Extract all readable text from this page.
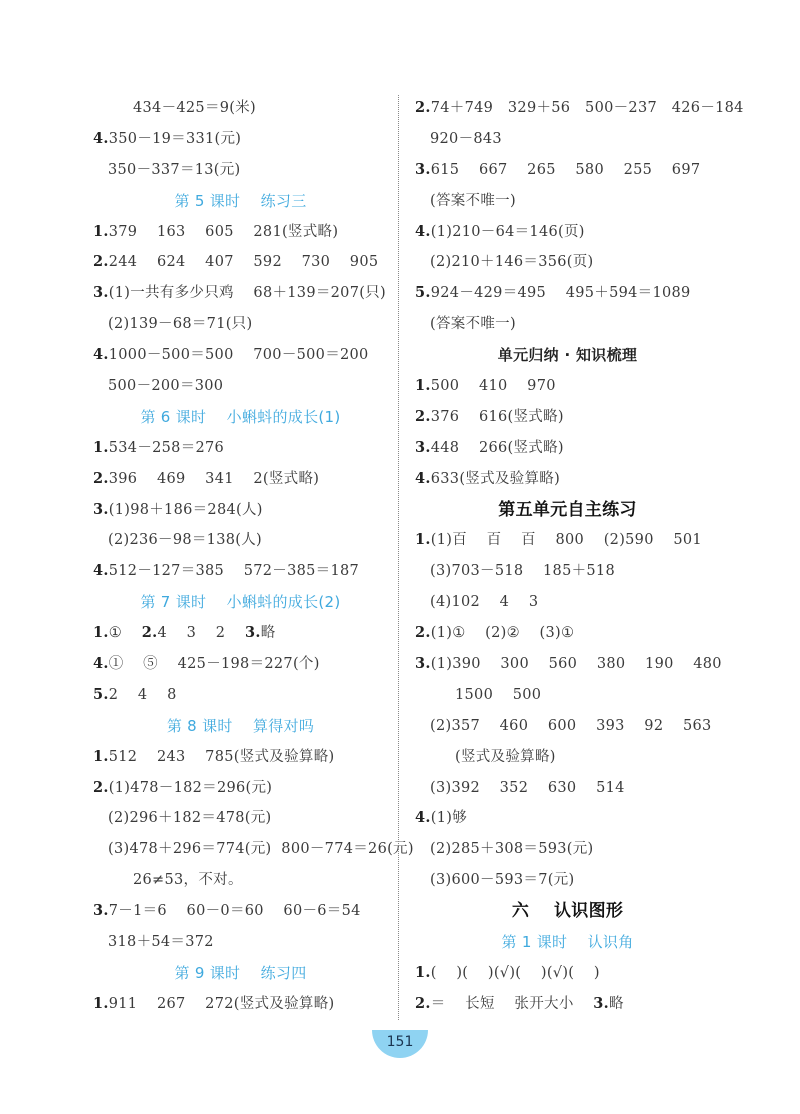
434－425＝9(米)
4.350－19＝331(元)
350－337＝13(元)
第 5 课时    练习三
1.379    163    605    281(竖式略)
2.244    624    407    592    730    905
3.(1)一共有多少只鸡    68＋139＝207(只)
(2)139－68＝71(只)
4.1000－500＝500    700－500＝200
500－200＝300
第 6 课时    小蝌蚪的成长(1)
1.534－258＝276
2.396    469    341    2(竖式略)
3.(1)98＋186＝284(人)
(2)236－98＝138(人)
4.512－127＝385    572－385＝187
第 7 课时    小蝌蚪的成长(2)
1.①    2.4    3    2    3.略
4.①    ⑤    425－198＝227(个)
5.2    4    8
第 8 课时    算得对吗
1.512    243    785(竖式及验算略)
2.(1)478－182＝296(元)
(2)296＋182＝478(元)
(3)478＋296＝774(元)  800－774＝26(元)
26≠53，不对。
3.7－1＝6    60－0＝60    60－6＝54
318＋54＝372
第 9 课时    练习四
1.911    267    272(竖式及验算略)
2.74＋749   329＋56   500－237   426－184
920－843
3.615    667    265    580    255    697
(答案不唯一)
4.(1)210－64＝146(页)
(2)210＋146＝356(页)
5.924－429＝495    495＋594＝1089
(答案不唯一)
单元归纳 · 知识梳理
1.500    410    970
2.376    616(竖式略)
3.448    266(竖式略)
4.633(竖式及验算略)
第五单元自主练习
1.(1)百    百    百    800    (2)590    501
(3)703－518    185＋518
(4)102    4    3
2.(1)①    (2)②    (3)①
3.(1)390    300    560    380    190    480
1500    500
(2)357    460    600    393    92    563
(竖式及验算略)
(3)392    352    630    514
4.(1)够
(2)285＋308＝593(元)
(3)600－593＝7(元)
六    认识图形
第 1 课时    认识角
1.(    )(    )(√)(    )(√)(    )
2.＝    长短    张开大小    3.略
151
